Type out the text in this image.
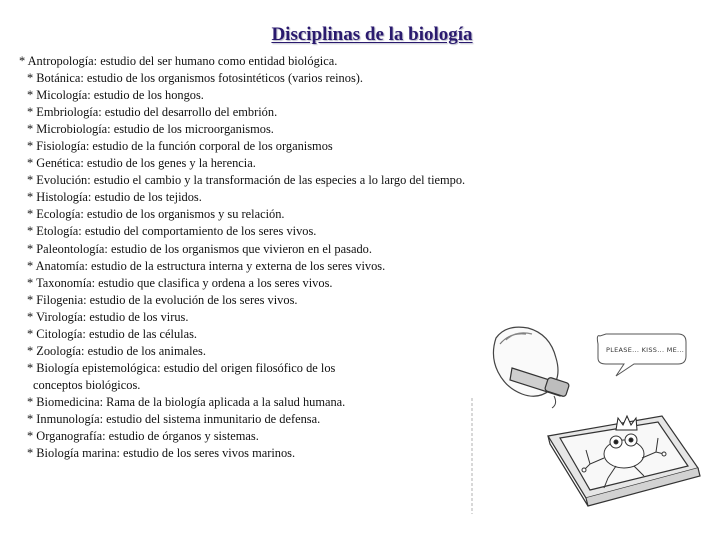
Disciplinas de la biología
* Antropología: estudio del ser humano como entidad biológica.
* Botánica: estudio de los organismos fotosintéticos (varios reinos).
* Micología: estudio de los hongos.
* Embriología: estudio del desarrollo del embrión.
* Microbiología: estudio de los microorganismos.
* Fisiología: estudio de la función corporal de los organismos
* Genética: estudio de los genes y la herencia.
* Evolución: estudio el cambio y la transformación de las especies a lo largo del tiempo.
* Histología: estudio de los tejidos.
* Ecología: estudio de los organismos y su relación.
* Etología: estudio del comportamiento de los seres vivos.
* Paleontología: estudio de los organismos que vivieron en el pasado.
* Anatomía: estudio de la estructura interna y externa de los seres vivos.
* Taxonomía: estudio que clasifica y ordena a los seres vivos.
* Filogenia: estudio de la evolución de los seres vivos.
* Virología: estudio de los virus.
* Citología: estudio de las células.
* Zoología: estudio de los animales.
* Biología epistemológica: estudio del origen filosófico de los
conceptos biológicos.
* Biomedicina: Rama de la biología aplicada a la salud humana.
* Inmunología: estudio del sistema inmunitario de defensa.
* Organografía: estudio de órganos y sistemas.
* Biología marina: estudio de los seres vivos marinos.
PLEASE... KISS... ME...
